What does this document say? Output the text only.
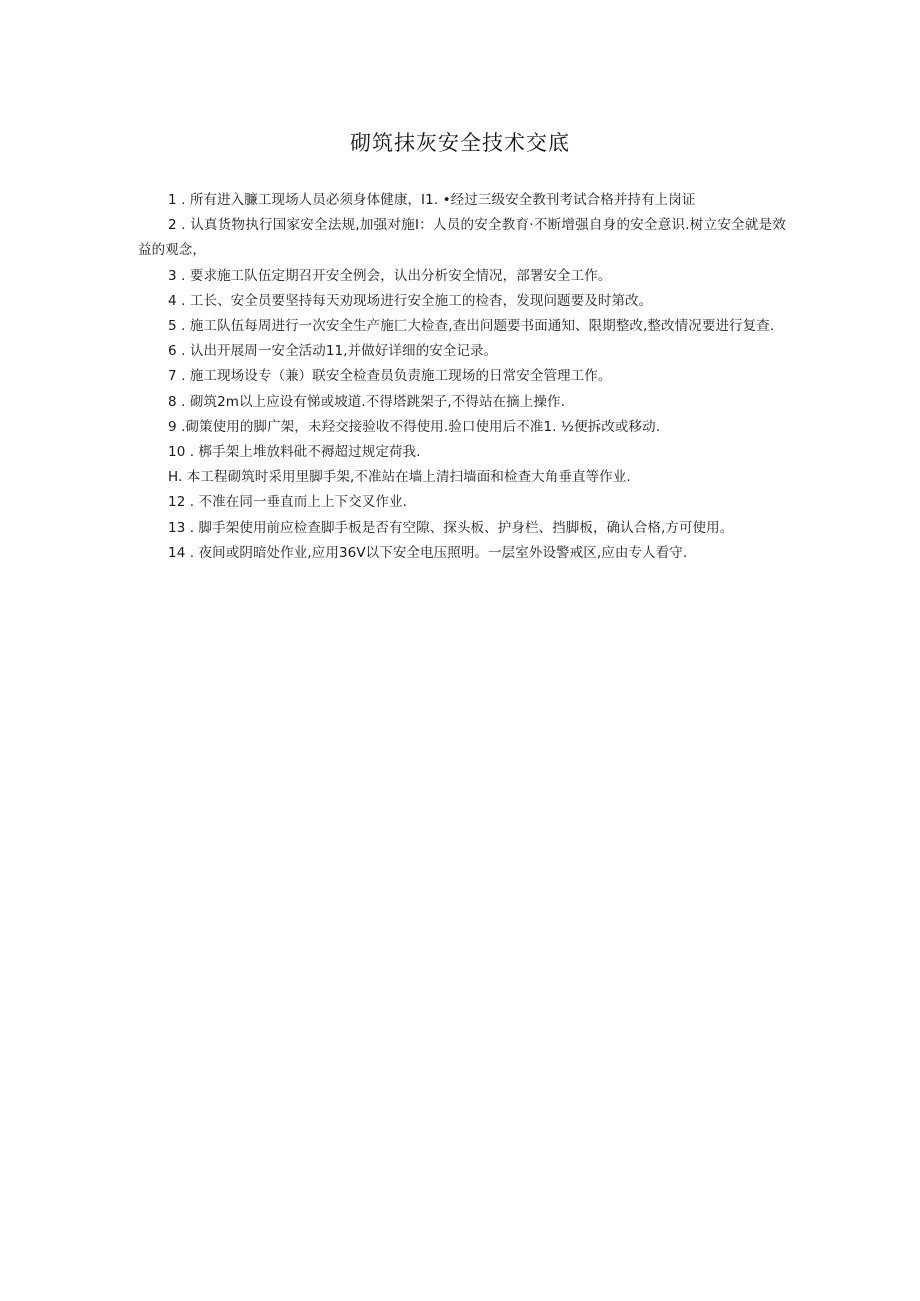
砌筑抹灰安全技术交底

1 . 所有进入臁工现场人员必须身体健康，I1. •经过三级安全教刊考试合格并持有上岗证

2 . 认真货物执行国家安全法规,加强对施I：人员的安全教育·不断增强自身的安全意识.树立安全就是效益的观念，

3 . 要求施工队伍定期召开安全例会，认出分析安全情况，部署安全工作。

4 . 工长、安全员要坚持每天劝现场进行安全施工的检杳，发现问题要及时第改。

5 . 施工队伍每周进行一次安全生产施匚大检查,查出问题要书面通知、限期整改,整改情况要进行复查.

6 . 认出开展周一安全活动11,并做好详细的安全记录。

7 . 施工现场设专（兼）联安全检查员负责施工现场的日常安全管理工作。

8 . 砌筑2m以上应设有悌或坡道.不得塔跳架子,不得站在摘上操作.

9 .砌策使用的脚广架，未羟交接验收不得使用.验口使用后不准1. ½便拆改或移动.

10 . 梆手架上堆放料砒不褥超过规定荷我.

H. 本工程砌筑时采用里脚手架,不准站在墙上清扫墙面和检查大角垂直等作业.

12 . 不准在同一垂直而上上下交叉作业.

13 . 脚手架使用前应检查脚手板是否有空隙、探头板、护身栏、挡脚板，确认合格,方可使用。

14 . 夜间或阴暗处作业,应用36V以下安全电压照明。一层室外设警戒区,应由专人看守.
